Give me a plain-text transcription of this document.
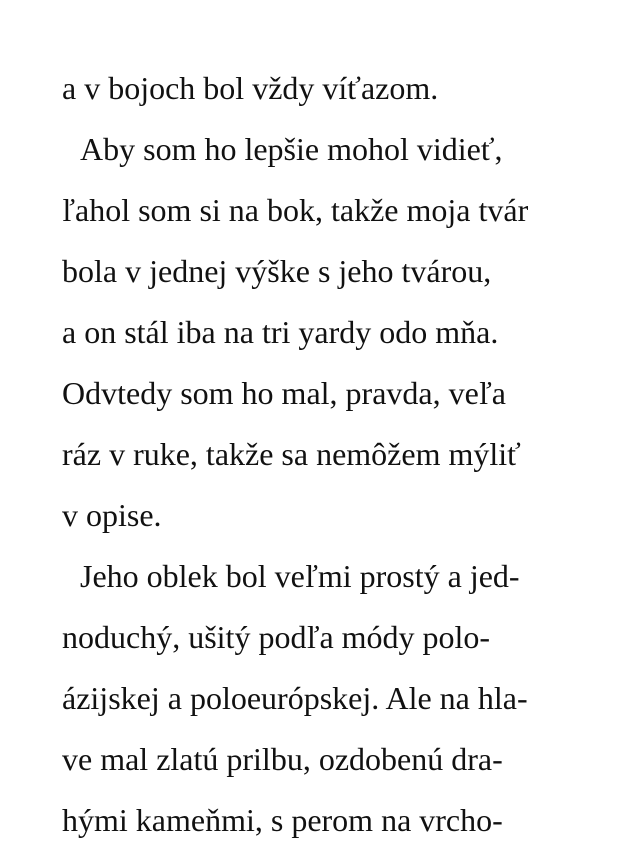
a v bojoch bol vždy víťazom.
Aby som ho lepšie mohol vidieť,
ľahol som si na bok, takže moja tvár
bola v jednej výške s jeho tvárou,
a on stál iba na tri yardy odo mňa.
Odvtedy som ho mal, pravda, veľa
ráz v ruke, takže sa nemôžem mýliť
v opise.
Jeho oblek bol veľmi prostý a jed-
noduchý, ušitý podľa módy polo-
ázijskej a poloeurópskej. Ale na hla-
ve mal zlatú prilbu, ozdobenú dra-
hými kameňmi, s perom na vrcho-
